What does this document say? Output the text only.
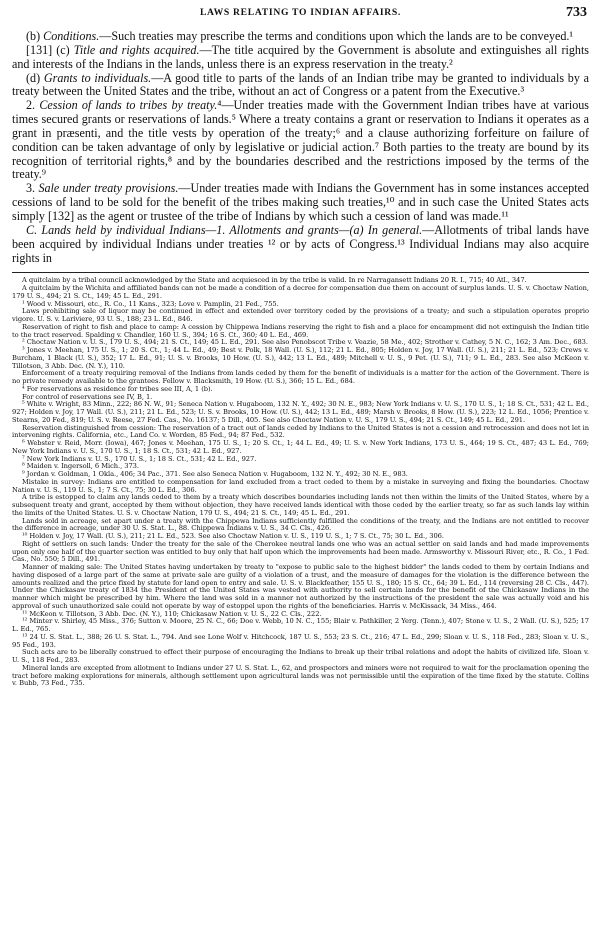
LAWS RELATING TO INDIAN AFFAIRS.	733

(b) Conditions.—Such treaties may prescribe the terms and conditions upon which the lands are to be conveyed.¹

[131] (c) Title and rights acquired.—The title acquired by the Government is absolute and extinguishes all rights and interests of the Indians in the lands, unless there is an express reservation in the treaty.²

(d) Grants to individuals.—A good title to parts of the lands of an Indian tribe may be granted to individuals by a treaty between the United States and the tribe, without an act of Congress or a patent from the Executive.³

2. Cession of lands to tribes by treaty.⁴—Under treaties made with the Government Indian tribes have at various times secured grants or reservations of lands.⁵ Where a treaty contains a grant or reservation to Indians it operates as a grant in præsenti, and the title vests by operation of the treaty;⁶ and a clause authorizing forfeiture on failure of condition can be taken advantage of only by legislative or judicial action.⁷ Both parties to the treaty are bound by its recognition of territorial rights,⁸ and by the boundaries described and the restrictions imposed by the terms of the treaty.⁹

3. Sale under treaty provisions.—Under treaties made with Indians the Government has in some instances accepted cessions of land to be sold for the benefit of the tribes making such treaties,¹⁰ and in such case the United States acts simply [132] as the agent or trustee of the tribe of Indians by which such a cession of land was made.¹¹

C. Lands held by individual Indians—1. Allotments and grants—(a) In general.—Allotments of tribal lands have been acquired by individual Indians under treaties ¹² or by acts of Congress.¹³ Individual Indians may also acquire rights in

A quitclaim by a tribal council acknowledged by the State and acquiesced in by the tribe is valid. In re Narragansett Indians 20 R. I., 715; 40 Atl., 347.

A quitclaim by the Wichita and affiliated bands can not be made a condition of a decree for compensation due them on account of surplus lands. U. S. v. Choctaw Nation, 179 U. S., 494; 21 S. Ct., 149; 45 L. Ed., 291.

¹ Wood v. Missouri, etc., R. Co., 11 Kans., 323; Love v. Pamplin, 21 Fed., 755.

Laws prohibiting sale of liquor may be continued in effect and extended over territory ceded by the provisions of a treaty; and such a stipulation operates proprio vigore. U. S. v. Lariviere, 93 U. S., 188; 23 L. Ed., 846.

Reservation of right to fish and place to camp: A cession by Chippewa Indians reserving the right to fish and a place for encampment did not extinguish the Indian title to the tract reserved. Spalding v. Chandler, 160 U. S., 394; 16 S. Ct., 360; 40 L. Ed., 469.

² Choctaw Nation v. U. S., 179 U. S., 494; 21 S. Ct., 149; 45 L. Ed., 291. See also Penobscot Tribe v. Veazie, 58 Me., 402; Strother v. Cathey, 5 N. C., 162; 3 Am. Dec., 683.

³ Jones v. Meehan, 175 U. S., 1; 20 S. Ct., 1; 44 L. Ed., 49; Best v. Polk, 18 Wall. (U. S.), 112; 21 L. Ed., 805; Holden v. Joy, 17 Wall. (U. S.), 211; 21 L. Ed., 523; Crews v. Burcham, 1 Black (U. S.), 352; 17 L. Ed., 91; U. S. v. Brooks, 10 How. (U. S.), 442; 13 L. Ed., 489; Mitchell v. U. S., 9 Pet. (U. S.), 711; 9 L. Ed., 283. See also McKeon v. Tillotson, 3 Abb. Dec. (N. Y.), 110.

Enforcement of a treaty requiring removal of the Indians from lands ceded by them for the benefit of individuals is a matter for the action of the Government. There is no private remedy available to the grantees. Fellow v. Blacksmith, 19 How. (U. S.), 366; 15 L. Ed., 684.

⁴ For reservations as residence for tribes see III, A, 1 (b).

For control of reservations see IV, B, 1.

⁵ White v. Wright, 83 Minn., 222; 86 N. W., 91; Seneca Nation v. Hugaboom, 132 N. Y., 492; 30 N. E., 983; New York Indians v. U. S., 170 U. S., 1; 18 S. Ct., 531; 42 L. Ed., 927; Holden v. Joy, 17 Wall. (U. S.), 211; 21 L. Ed., 523; U. S. v. Brooks, 10 How. (U. S.), 442; 13 L. Ed., 489; Marsh v. Brooks, 8 How. (U. S.), 223; 12 L. Ed., 1056; Prentice v. Stearns, 20 Fed., 819; U. S. v. Reese, 27 Fed. Cas., No. 16137; 5 Dill., 405. See also Choctaw Nation v. U. S., 179 U. S., 494; 21 S. Ct., 149; 45 L. Ed., 291.

Reservation distinguished from cession: The reservation of a tract out of lands ceded by Indians to the United States is not a cession and retrocession and does not let in intervening rights. California, etc., Land Co. v. Worden, 85 Fed., 94; 87 Fed., 532.

⁶ Webster v. Reid, Morr. (Iowa), 467; Jones v. Meehan, 175 U. S., 1; 20 S. Ct., 1; 44 L. Ed., 49; U. S. v. New York Indians, 173 U. S., 464; 19 S. Ct., 487; 43 L. Ed., 769; New York Indians v. U. S., 170 U. S., 1; 18 S. Ct., 531; 42 L. Ed., 927.

⁷ New York Indians v. U. S., 170 U. S., 1; 18 S. Ct., 531; 42 L. Ed., 927.

⁸ Maiden v. Ingersoll, 6 Mich., 373.

⁹ Jordan v. Goldman, 1 Okla., 406; 34 Pac., 371. See also Seneca Nation v. Hugaboom, 132 N. Y., 492; 30 N. E., 983.

Mistake in survey: Indians are entitled to compensation for land excluded from a tract ceded to them by a mistake in surveying and fixing the boundaries. Choctaw Nation v. U. S., 119 U. S., 1; 7 S. Ct., 75; 30 L. Ed., 306.

A tribe is estopped to claim any lands ceded to them by a treaty which describes boundaries including lands not then within the limits of the United States, where by a subsequent treaty and grant, accepted by them without objection, they have received lands identical with those ceded by the earlier treaty, so far as such lands lay within the limits of the United States. U. S. v. Choctaw Nation, 179 U. S., 494; 21 S. Ct., 149; 45 L. Ed., 291.

Lands sold in acreage, set apart under a treaty with the Chippewa Indians sufficiently fulfilled the conditions of the treaty, and the Indians are not entitled to recover the difference in acreage, under 30 U. S. Stat. L., 88. Chippewa Indians v. U. S., 34 C. Cls., 426.

¹⁰ Holden v. Joy, 17 Wall. (U. S.), 211; 21 L. Ed., 523. See also Choctaw Nation v. U. S., 119 U. S., 1; 7 S. Ct., 75; 30 L. Ed., 306.

Right of settlers on such lands: Under the treaty for the sale of the Cherokee neutral lands one who was an actual settler on said lands and had made improvements upon only one half of the quarter section was entitled to buy only that half upon which the improvements had been made. Armsworthy v. Missouri River, etc., R. Co., 1 Fed. Cas., No. 550; 5 Dill., 491.

Manner of making sale: The United States having undertaken by treaty to "expose to public sale to the highest bidder" the lands ceded to them by certain Indians and having disposed of a large part of the same at private sale are guilty of a violation of a trust, and the measure of damages for the violation is the difference between the amounts realized and the price fixed by statute for land open to entry and sale. U. S. v. Blackfeather, 155 U. S., 180; 15 S. Ct., 64; 39 L. Ed., 114 (reversing 28 C. Cls., 447). Under the Chickasaw treaty of 1834 the President of the United States was vested with authority to sell certain lands for the benefit of the Chickasaw Indians in the manner which might be prescribed by him. Where the land was sold in a manner not authorized by the instructions of the president the sale was actually void and his approval of such unauthorized sale could not operate by way of estoppel upon the rights of the beneficiaries. Harris v. McKissack, 34 Miss., 464.

¹¹ McKeon v. Tillotson, 3 Abb. Dec. (N. Y.), 110; Chickasaw Nation v. U. S., 22 C. Cls., 222.

¹² Minter v. Shirley, 45 Miss., 376; Sutton v. Moore, 25 N. C., 66; Doe v. Webb, 10 N. C., 155; Blair v. Pathkiller, 2 Yerg. (Tenn.), 407; Stone v. U. S., 2 Wall. (U. S.), 525; 17 L. Ed., 765.

¹³ 24 U. S. Stat. L., 388; 26 U. S. Stat. L., 794. And see Lone Wolf v. Hitchcock, 187 U. S., 553; 23 S. Ct., 216; 47 L. Ed., 299; Sloan v. U. S., 118 Fed., 283; Sloan v. U. S., 95 Fed., 193.

Such acts are to be liberally construed to effect their purpose of encouraging the Indians to break up their tribal relations and adopt the habits of civilized life. Sloan v. U. S., 118 Fed., 283.

Mineral lands are excepted from allotment to Indians under 27 U. S. Stat. L., 62, and prospectors and miners were not required to wait for the proclamation opening the tract before making explorations for minerals, although settlement upon agricultural lands was not permissible until the expiration of the time fixed by the statute. Collins v. Bubb, 73 Fed., 735.
